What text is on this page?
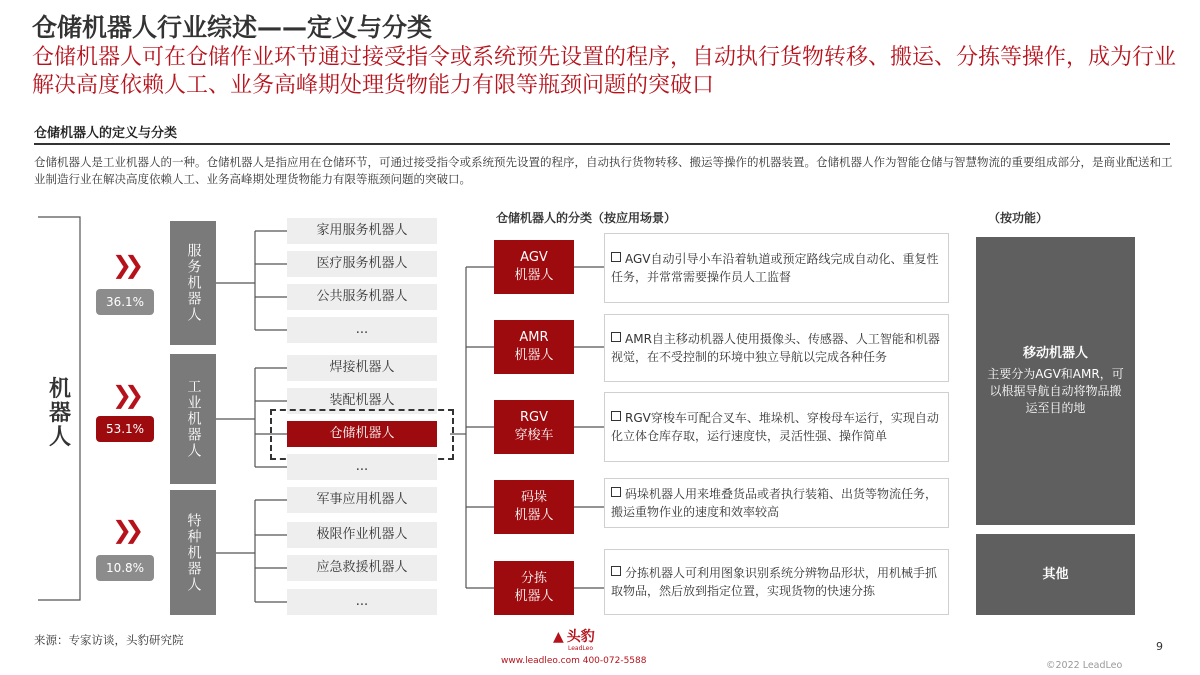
仓储机器人行业综述——定义与分类
仓储机器人可在仓储作业环节通过接受指令或系统预先设置的程序，自动执行货物转移、搬运、分拣等操作，成为行业解决高度依赖人工、业务高峰期处理货物能力有限等瓶颈问题的突破口
仓储机器人的定义与分类
仓储机器人是工业机器人的一种。仓储机器人是指应用在仓储环节，可通过接受指令或系统预先设置的程序，自动执行货物转移、搬运等操作的机器装置。仓储机器人作为智能仓储与智慧物流的重要组成部分，是商业配送和工业制造行业在解决高度依赖人工、业务高峰期处理货物能力有限等瓶颈问题的突破口。
机器人
❯❯
36.1%
❯❯
53.1%
❯❯
10.8%
服务机器人
工业机器人
特种机器人
家用服务机器人
医疗服务机器人
公共服务机器人
...
焊接机器人
装配机器人
仓储机器人
...
军事应用机器人
极限作业机器人
应急救援机器人
...
仓储机器人的分类（按应用场景）	（按功能）
AGV
机器人
AMR
机器人
RGV
穿梭车
码垛
机器人
分拣
机器人
AGV自动引导小车沿着轨道或预定路线完成自动化、重复性任务，并常常需要操作员人工监督
AMR自主移动机器人使用摄像头、传感器、人工智能和机器视觉，在不受控制的环境中独立导航以完成各种任务
RGV穿梭车可配合叉车、堆垛机、穿梭母车运行，实现自动化立体仓库存取，运行速度快，灵活性强、操作简单
码垛机器人用来堆叠货品或者执行装箱、出货等物流任务，搬运重物作业的速度和效率较高
分拣机器人可利用图象识别系统分辨物品形状，用机械手抓取物品，然后放到指定位置，实现货物的快速分拣
移动机器人
主要分为AGV和AMR，可以根据导航自动将物品搬运至目的地
其他
来源：专家访谈，头豹研究院	▲ 头豹
LeadLeo
www.leadleo.com 400-072-5588
9
©2022 LeadLeo
